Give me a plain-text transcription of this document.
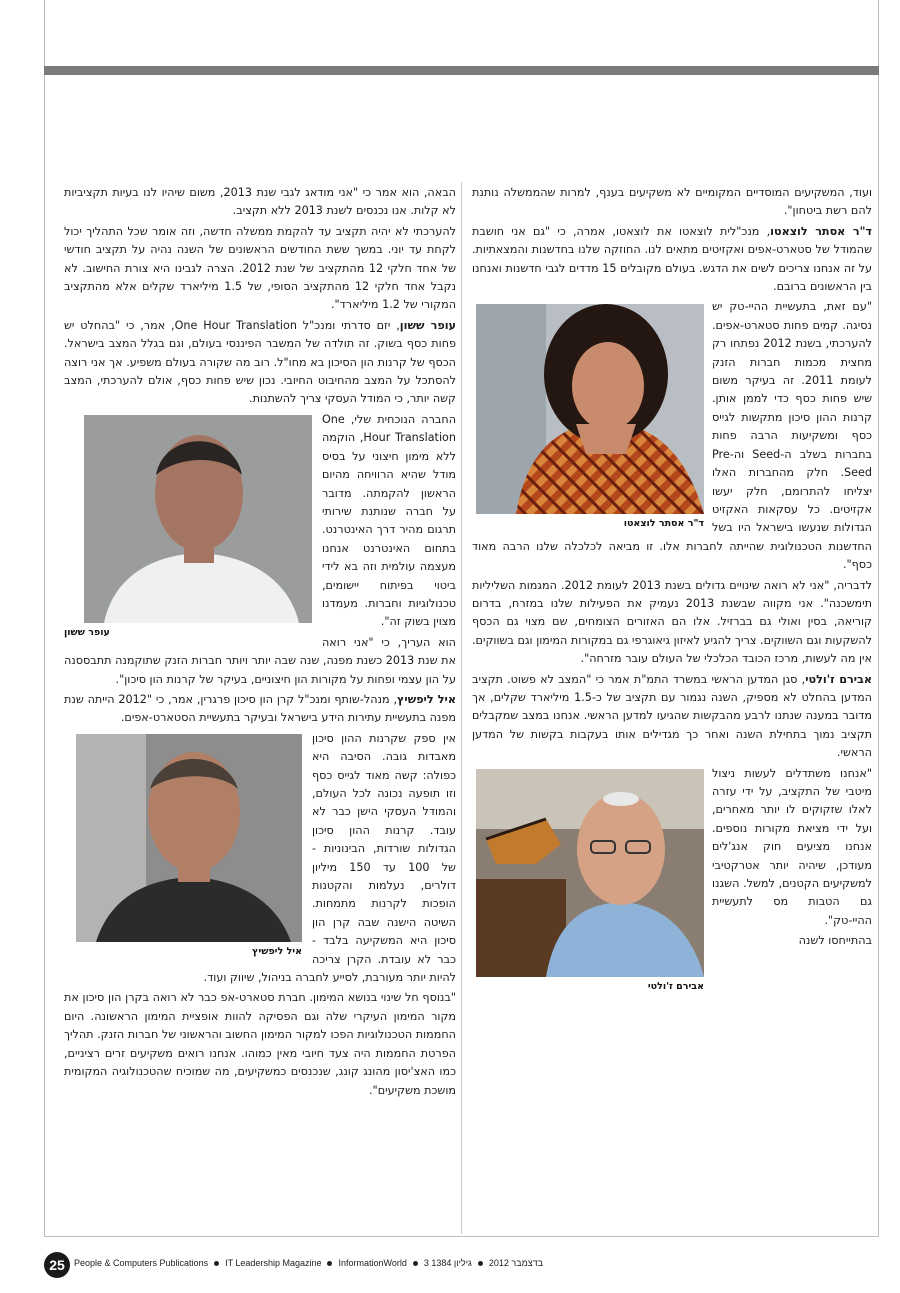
ועוד, המשקיעים המוסדיים המקומיים לא משקיעים בענף, למרות שהממשלה נותנת להם רשת ביטחון".

ד"ר אסתר לוצאטו, מנכ"לית לוצאטו את לוצאטו, אמרה, כי "גם אני חושבת שהמודל של סטארט-אפים ואקזיטים מתאים לנו. החוזקה שלנו בחדשנות והמצאתיות. על זה אנחנו צריכים לשים את הדגש. בעולם מקובלים 15 מדדים לגבי חדשנות ואנחנו בין הראשונים ברובם.

ד"ר אסתר לוצאטו

"עם זאת, בתעשיית ההיי-טק יש נסיגה. קמים פחות סטארט-אפים. להערכתי, בשנת 2012 נפתחו רק מחצית מכמות חברות הזנק לעומת 2011. זה בעיקר משום שיש פחות כסף כדי לממן אותן. קרנות ההון סיכון מתקשות לגייס כסף ומשקיעות הרבה פחות בחברות בשלב ה-Seed וה-Pre Seed. חלק מהחברות האלו יצליחו להתרומם, חלק יעשו אקזיטים. כל עסקאות האקזיט הגדולות שנעשו בישראל היו בשל החדשנות הטכנולוגית שהייתה לחברות אלו. זו מביאה לכלכלה שלנו הרבה מאוד כסף".

לדבריה, "אני לא רואה שינויים גדולים בשנת 2013 לעומת 2012. המגמות השליליות תימשכנה". אני מקווה שבשנת 2013 נעמיק את הפעילות שלנו במזרח, בדרום קוריאה, בסין ואולי גם בברזיל. אלו הם האזורים הצומחים, שם מצוי גם הכסף להשקעות וגם השווקים. צריך להגיע לאיזון גיאוגרפי גם במקורות המימון וגם בשווקים. אין מה לעשות, מרכז הכובד הכלכלי של העולם עובר מזרחה".

אבירם ז'ולטי, סגן המדען הראשי במשרד התמ"ת אמר כי "המצב לא פשוט. תקציב המדען בהחלט לא מספיק, השנה נגמור עם תקציב של כ-1.5 מיליארד שקלים, אך מדובר במענה שנתנו לרבע מהבקשות שהגיעו למדען הראשי. אנחנו במצב שמקבלים תקציב נמוך בתחילת השנה ואחר כך מגדילים אותו בעקבות בקשות של המדען הראשי.

אבירם ז'ולטי

"אנחנו משתדלים לעשות ניצול מיטבי של התקציב, על ידי עזרה לאלו שזקוקים לו יותר מאחרים, ועל ידי מציאת מקורות נוספים. אנחנו מציעים חוק אנג'לים מעודכן, שיהיה יותר אטרקטיבי למשקיעים הקטנים, למשל. השגנו גם הטבות מס לתעשיית ההיי-טק".

בהתייחסו לשנה

הבאה, הוא אמר כי "אני מודאג לגבי שנת 2013, משום שיהיו לנו בעיות תקציביות לא קלות. אנו נכנסים לשנת 2013 ללא תקציב.

להערכתי לא יהיה תקציב עד להקמת ממשלה חדשה, וזה אומר שכל התהליך יכול לקחת עד יוני. במשך ששת החודשים הראשונים של השנה נהיה על תקציב חודשי של אחד חלקי 12 מהתקציב של שנת 2012. הצרה לגבינו היא צורת החישוב. לא נקבל אחד חלקי 12 מהתקציב הסופי, של 1.5 מיליארד שקלים אלא מהתקציב המקורי של 1.2 מיליארד".

עופר ששון, יזם סדרתי ומנכ"ל One Hour Translation, אמר, כי "בהחלט יש פחות כסף בשוק. זה תולדה של המשבר הפיננסי בעולם, וגם בגלל המצב בישראל. הכסף של קרנות הון הסיכון בא מחו"ל. רוב מה שקורה בעולם משפיע. אך אני רוצה להסתכל על המצב מהחיבוט החיובי. נכון שיש פחות כסף, אולם להערכתי, המצב קשה יותר, כי המודל העסקי צריך להשתנות.

עופר ששון

החברה הנוכחית שלי, One Hour Translation, הוקמה ללא מימון חיצוני על בסיס מודל שהיא הרוויחה מהיום הראשון להקמתה. מדובר על חברה שנותנת שירותי תרגום מהיר דרך האינטרנט. בתחום האינטרנט אנחנו מעצמה עולמית וזה בא לידי ביטוי בפיתוח יישומים, טכנולוגיות וחברות. מעמדנו מצוין בשוק זה".

הוא העריך, כי "אני רואה את שנת 2013 כשנת מפנה, שנה שבה יותר ויותר חברות הזנק שתוקמנה תתבססנה על הון עצמי ופחות על מקורות הון חיצוניים, בעיקר של קרנות הון סיכון".

איל ליפשיץ, מנהל-שותף ומנכ"ל קרן הון סיכון פרגרין, אמר, כי "2012 הייתה שנת מפנה בתעשיית עתירות הידע בישראל ובעיקר בתעשיית הסטארט-אפים.

איל ליפשיץ

אין ספק שקרנות ההון סיכון מאבדות גובה. הסיבה היא כפולה: קשה מאוד לגייס כסף וזו תופעה נכונה לכל העולם, והמודל העסקי הישן כבר לא עובד. קרנות ההון סיכון הגדולות שורדות, הבינוניות - של 100 עד 150 מיליון דולרים, נעלמות והקטנות הופכות לקרנות מתמחות. השיטה הישנה שבה קרן הון סיכון היא המשקיעה בלבד - כבר לא עובדת. הקרן צריכה להיות יותר מעורבת, לסייע לחברה בניהול, שיווק ועוד.

"בנוסף חל שינוי בנושא המימון. חברת סטארט-אפ כבר לא רואה בקרן הון סיכון את מקור המימון העיקרי שלה וגם הפסיקה להוות אופציית המימון הראשונה. היום החממות הטכנולוגיות הפכו למקור המימון החשוב והראשוני של חברות הזנק. תהליך הפרטת החממות היה צעד חיובי מאין כמוהו. אנחנו רואים משקיעים זרים רציניים, כמו האצ'יסון מהונג קונג, שנכנסים כמשקיעים, מה שמוכיח שהטכנולוגיה המקומית מושכת משקיעים".

25	People & Computers Publications IT Leadership Magazine InformationWorld 3 בדצמבר 2012גיליון 1384
